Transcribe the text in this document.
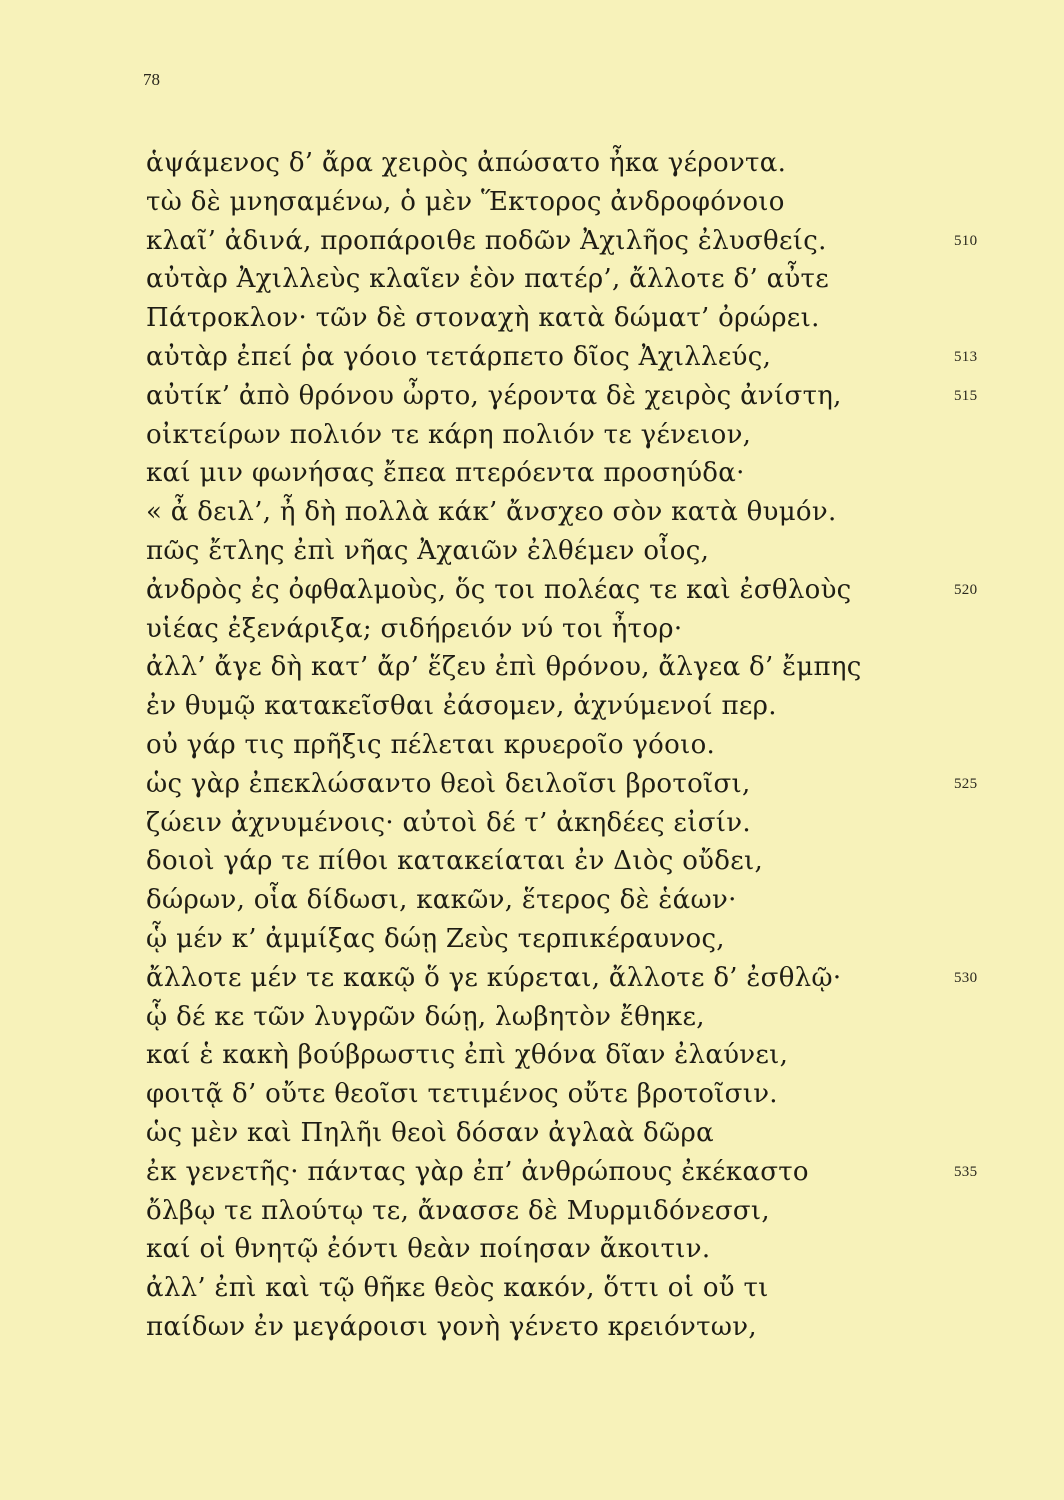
78
ἁψάμενος δ’ ἄρα χειρὸς ἀπώσατο ἦκα γέροντα.
τὼ δὲ μνησαμένω, ὁ μὲν Ἕκτορος ἀνδροφόνοιο
κλαῖ’ ἀδινά, προπάροιθε ποδῶν Ἀχιλῆος ἐλυσθείς.	510
αὐτὰρ Ἀχιλλεὺς κλαῖεν ἑὸν πατέρ’, ἄλλοτε δ’ αὖτε
Πάτροκλον· τῶν δὲ στοναχὴ κατὰ δώματ’ ὀρώρει.
αὐτὰρ ἐπεί ῥα γόοιο τετάρπετο δῖος Ἀχιλλεύς,	513
αὐτίκ’ ἀπὸ θρόνου ὦρτο, γέροντα δὲ χειρὸς ἀνίστη,	515
οἰκτείρων πολιόν τε κάρη πολιόν τε γένειον,
καί μιν φωνήσας ἔπεα πτερόεντα προσηύδα·
« ἆ δειλ’, ἦ δὴ πολλὰ κάκ’ ἄνσχεο σὸν κατὰ θυμόν.
πῶς ἔτλης ἐπὶ νῆας Ἀχαιῶν ἐλθέμεν οἶος,
ἀνδρὸς ἐς ὀφθαλμοὺς, ὅς τοι πολέας τε καὶ ἐσθλοὺς	520
υἱέας ἐξενάριξα; σιδήρειόν νύ τοι ἦτορ·
ἀλλ’ ἄγε δὴ κατ’ ἄρ’ ἕζευ ἐπὶ θρόνου, ἄλγεα δ’ ἔμπης
ἐν θυμῷ κατακεῖσθαι ἐάσομεν, ἀχνύμενοί περ.
οὐ γάρ τις πρῆξις πέλεται κρυεροῖο γόοιο.
ὡς γὰρ ἐπεκλώσαντο θεοὶ δειλοῖσι βροτοῖσι,	525
ζώειν ἀχνυμένοις· αὐτοὶ δέ τ’ ἀκηδέες εἰσίν.
δοιοὶ γάρ τε πίθοι κατακείαται ἐν Διὸς οὔδει,
δώρων, οἷα δίδωσι, κακῶν, ἕτερος δὲ ἑάων·
ᾧ μέν κ’ ἀμμίξας δώῃ Ζεὺς τερπικέραυνος,
ἄλλοτε μέν τε κακῷ ὅ γε κύρεται, ἄλλοτε δ’ ἐσθλῷ·	530
ᾧ δέ κε τῶν λυγρῶν δώῃ, λωβητὸν ἔθηκε,
καί ἑ κακὴ βούβρωστις ἐπὶ χθόνα δῖαν ἐλαύνει,
φοιτᾷ δ’ οὔτε θεοῖσι τετιμένος οὔτε βροτοῖσιν.
ὡς μὲν καὶ Πηλῆι θεοὶ δόσαν ἀγλαὰ δῶρα
ἐκ γενετῆς· πάντας γὰρ ἐπ’ ἀνθρώπους ἐκέκαστο	535
ὄλβῳ τε πλούτῳ τε, ἄνασσε δὲ Μυρμιδόνεσσι,
καί οἱ θνητῷ ἐόντι θεὰν ποίησαν ἄκοιτιν.
ἀλλ’ ἐπὶ καὶ τῷ θῆκε θεὸς κακόν, ὅττι οἱ οὔ τι
παίδων ἐν μεγάροισι γονὴ γένετο κρειόντων,
